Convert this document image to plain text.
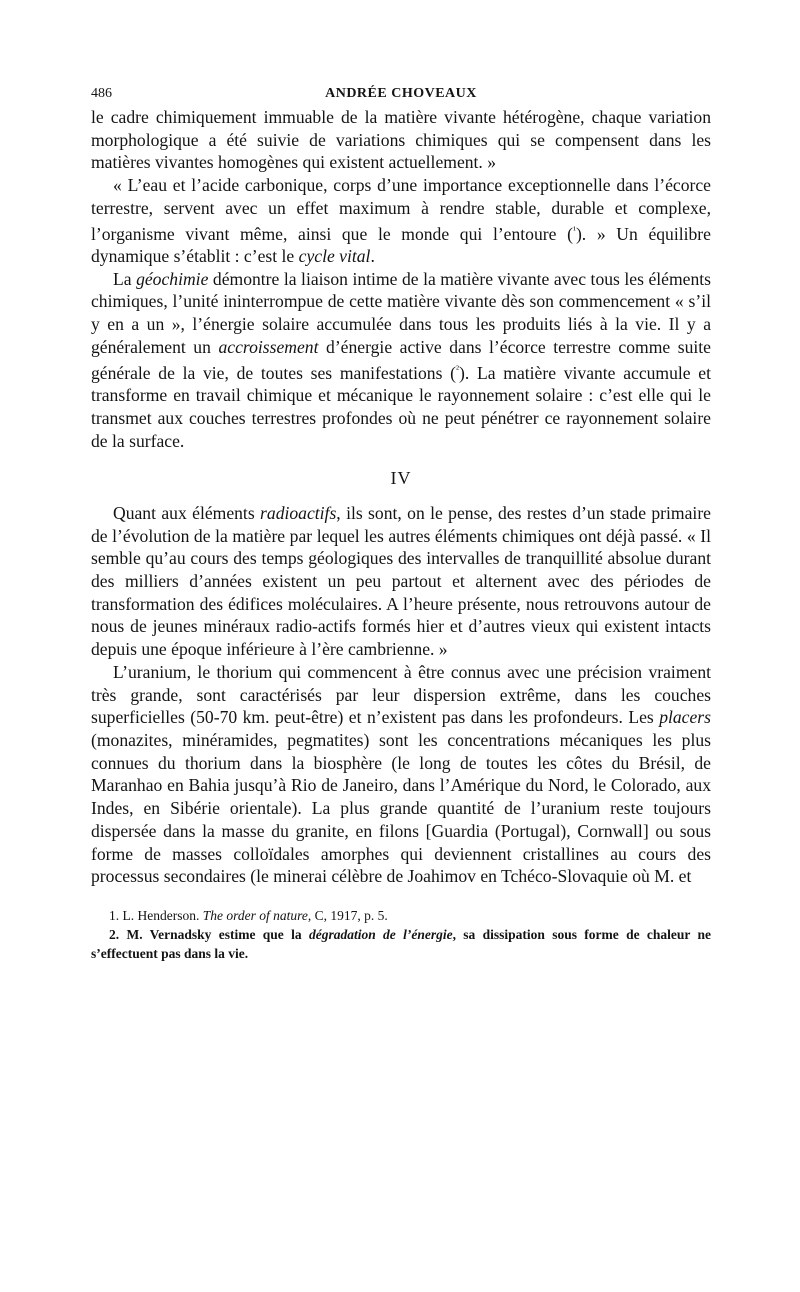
486	ANDRÉE CHOVEAUX

le cadre chimiquement immuable de la matière vivante hétérogène, chaque variation morphologique a été suivie de variations chimiques qui se compensent dans les matières vivantes homogènes qui existent actuellement. »

« L’eau et l’acide carbonique, corps d’une importance exceptionnelle dans l’écorce terrestre, servent avec un effet maximum à rendre stable, durable et complexe, l’organisme vivant même, ainsi que le monde qui l’entoure ($^{^1}$). » Un équilibre dynamique s’établit : c’est le cycle vital.

La géochimie démontre la liaison intime de la matière vivante avec tous les éléments chimiques, l’unité ininterrompue de cette matière vivante dès son commencement « s’il y en a un », l’énergie solaire accumulée dans tous les produits liés à la vie. Il y a généralement un accroissement d’énergie active dans l’écorce terrestre comme suite générale de la vie, de toutes ses manifestations ($^{^2}$). La matière vivante accumule et transforme en travail chimique et mécanique le rayonnement solaire : c’est elle qui le transmet aux couches terrestres profondes où ne peut pénétrer ce rayonnement solaire de la surface.

IV

Quant aux éléments radioactifs, ils sont, on le pense, des restes d’un stade primaire de l’évolution de la matière par lequel les autres éléments chimiques ont déjà passé. « Il semble qu’au cours des temps géologiques des intervalles de tranquillité absolue durant des milliers d’années existent un peu partout et alternent avec des périodes de transformation des édifices moléculaires. A l’heure présente, nous retrouvons autour de nous de jeunes minéraux radio-actifs formés hier et d’autres vieux qui existent intacts depuis une époque inférieure à l’ère cambrienne. »

L’uranium, le thorium qui commencent à être connus avec une précision vraiment très grande, sont caractérisés par leur dispersion extrême, dans les couches superficielles (50-70 km. peut-être) et n’existent pas dans les profondeurs. Les placers (monazites, minéramides, pegmatites) sont les concentrations mécaniques les plus connues du thorium dans la biosphère (le long de toutes les côtes du Brésil, de Maranhao en Bahia jusqu’à Rio de Janeiro, dans l’Amérique du Nord, le Colorado, aux Indes, en Sibérie orientale). La plus grande quantité de l’uranium reste toujours dispersée dans la masse du granite, en filons [Guardia (Portugal), Cornwall] ou sous forme de masses colloïdales amorphes qui deviennent cristallines au cours des processus secondaires (le minerai célèbre de Joahimov en Tchéco-Slovaquie où M. et

1. L. Henderson. The order of nature, C, 1917, p. 5.

2. M. Vernadsky estime que la dégradation de l’énergie, sa dissipation sous forme de chaleur ne s’effectuent pas dans la vie.
